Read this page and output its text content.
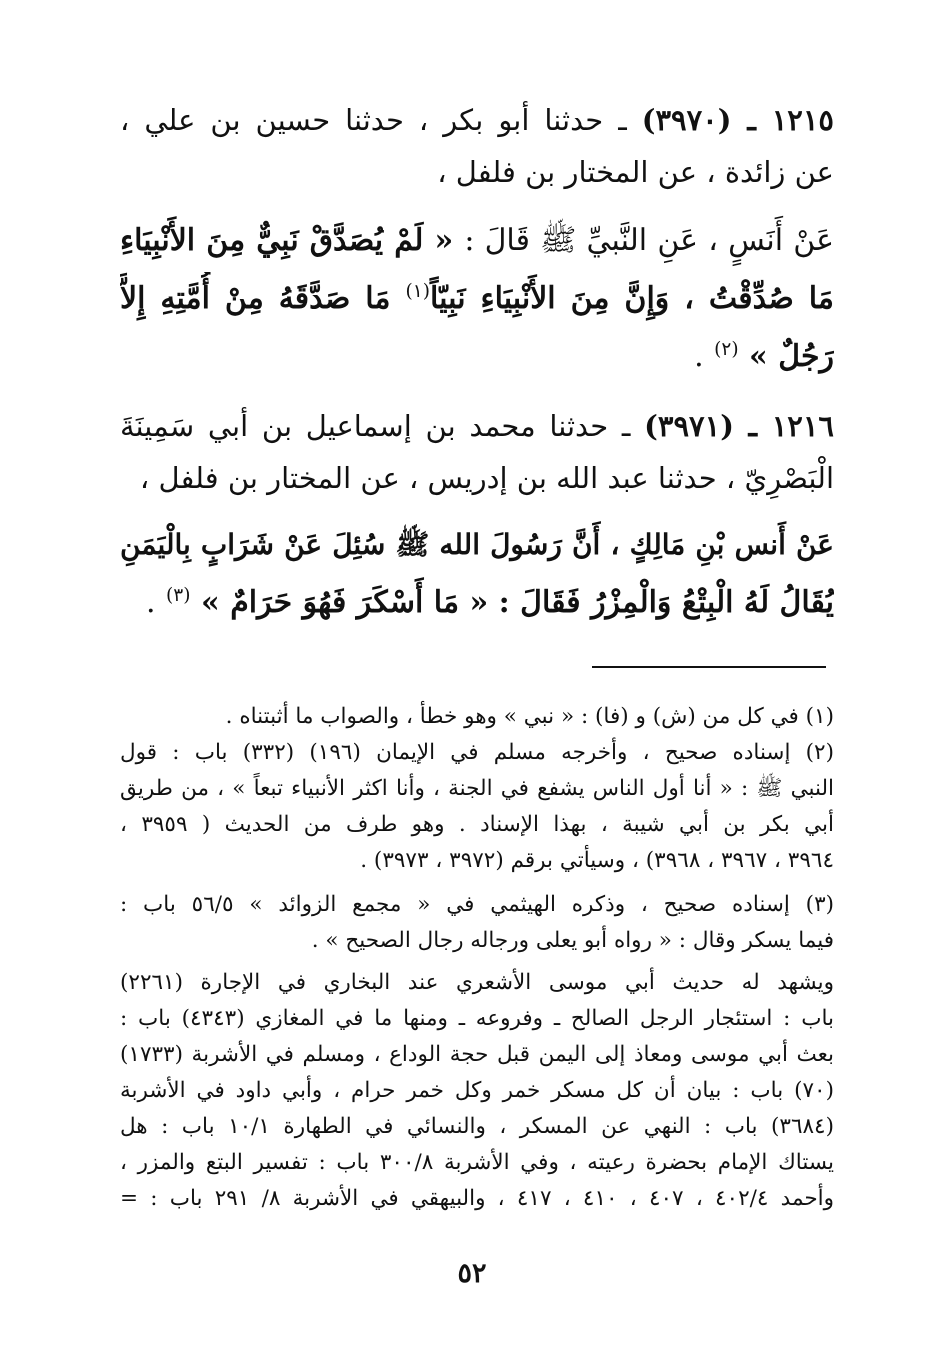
١٢١٥ ـ (٣٩٧٠) ـ حدثنا أبو بكر ، حدثنا حسين بن علي ،
عن زائدة ، عن المختار بن فلفل ،
عَنْ أَنَسٍ ، عَنِ النَّبيِّ ﷺ قَالَ : « لَمْ يُصَدَّقْ نَبِيٌّ مِنَ الأَنْبِيَاءِ
مَا صُدِّقْتُ ، وَإِنَّ مِنَ الأَنْبِيَاءِ نَبِيّاً$^{(١)}$ مَا صَدَّقَهُ مِنْ أُمَّتِهِ إِلاَّ
رَجُلٌ » $^{(٢)}$ .
١٢١٦ ـ (٣٩٧١) ـ حدثنا محمد بن إسماعيل بن أبي سَمِينَةَ
الْبَصْرِيّ ، حدثنا عبد الله بن إدريس ، عن المختار بن فلفل ،
عَنْ أَنس بْنِ مَالِكٍ ، أَنَّ رَسُولَ الله ﷺ سُئِلَ عَنْ شَرَابٍ بِالْيَمَنِ
يُقَالُ لَهُ الْبِتْعُ وَالْمِزْرُ فَقَالَ : « مَا أَسْكَرَ فَهُوَ حَرَامٌ » $^{(٣)}$ .
(١) في كل من (ش) و (فا) : « نبي » وهو خطأ ، والصواب ما أثبتناه .
(٢) إسناده صحيح ، وأخرجه مسلم في الإيمان (١٩٦) (٣٣٢) باب : قول
النبي ﷺ : « أنا أول الناس يشفع في الجنة ، وأنا اكثر الأنبياء تبعاً » ، من طريق
أبي بكر بن أبي شيبة ، بهذا الإسناد . وهو طرف من الحديث ( ٣٩٥٩ ،
٣٩٦٤ ، ٣٩٦٧ ، ٣٩٦٨) ، وسيأتي برقم (٣٩٧٢ ، ٣٩٧٣) .
(٣) إسناده صحيح ، وذكره الهيثمي في « مجمع الزوائد » ٥٦/٥ باب :
فيما يسكر وقال : « رواه أبو يعلى ورجاله رجال الصحيح » .
ويشهد له حديث أبي موسى الأشعري عند البخاري في الإجارة (٢٢٦١)
باب : استئجار الرجل الصالح ـ وفروعه ـ ومنها ما في المغازي (٤٣٤٣) باب :
بعث أبي موسى ومعاذ إلى اليمن قبل حجة الوداع ، ومسلم في الأشربة (١٧٣٣)
(٧٠) باب : بيان أن كل مسكر خمر وكل خمر حرام ، وأبي داود في الأشربة
(٣٦٨٤) باب : النهي عن المسكر ، والنسائي في الطهارة ١٠/١ باب : هل
يستاك الإمام بحضرة رعيته ، وفي الأشربة ٣٠٠/٨ باب : تفسير البتع والمزر ،
وأحمد ٤٠٢/٤ ، ٤٠٧ ، ٤١٠ ، ٤١٧ ، والبيهقي في الأشربة ٨/ ٢٩١ باب : =
٥٢
